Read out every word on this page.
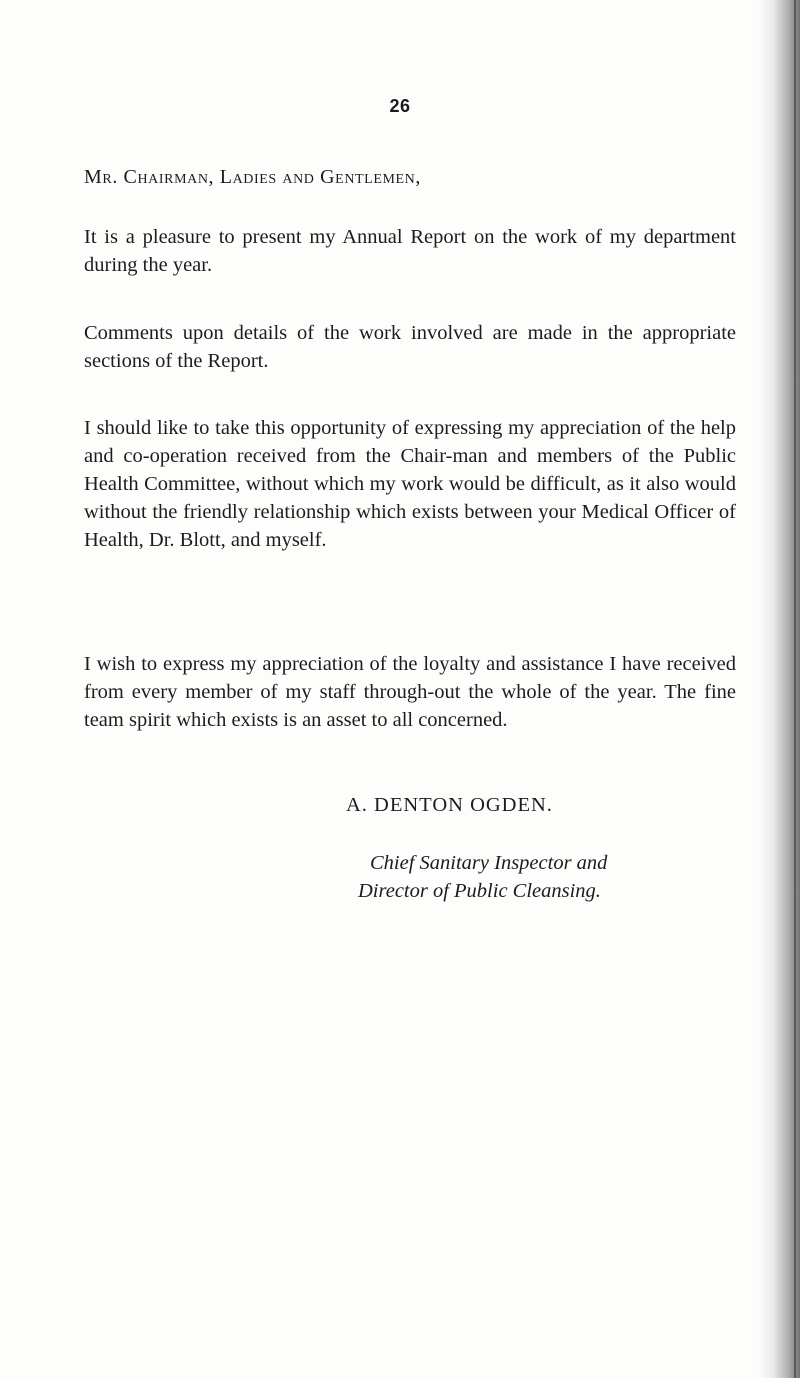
26
Mr. Chairman, Ladies and Gentlemen,
It is a pleasure to present my Annual Report on the work of my department during the year.
Comments upon details of the work involved are made in the appropriate sections of the Report.
I should like to take this opportunity of expressing my appreciation of the help and co-operation received from the Chair-man and members of the Public Health Committee, without which my work would be difficult, as it also would without the friendly relationship which exists between your Medical Officer of Health, Dr. Blott, and myself.
I wish to express my appreciation of the loyalty and assistance I have received from every member of my staff through-out the whole of the year. The fine team spirit which exists is an asset to all concerned.
A. DENTON OGDEN.
Chief Sanitary Inspector and
Director of Public Cleansing.
